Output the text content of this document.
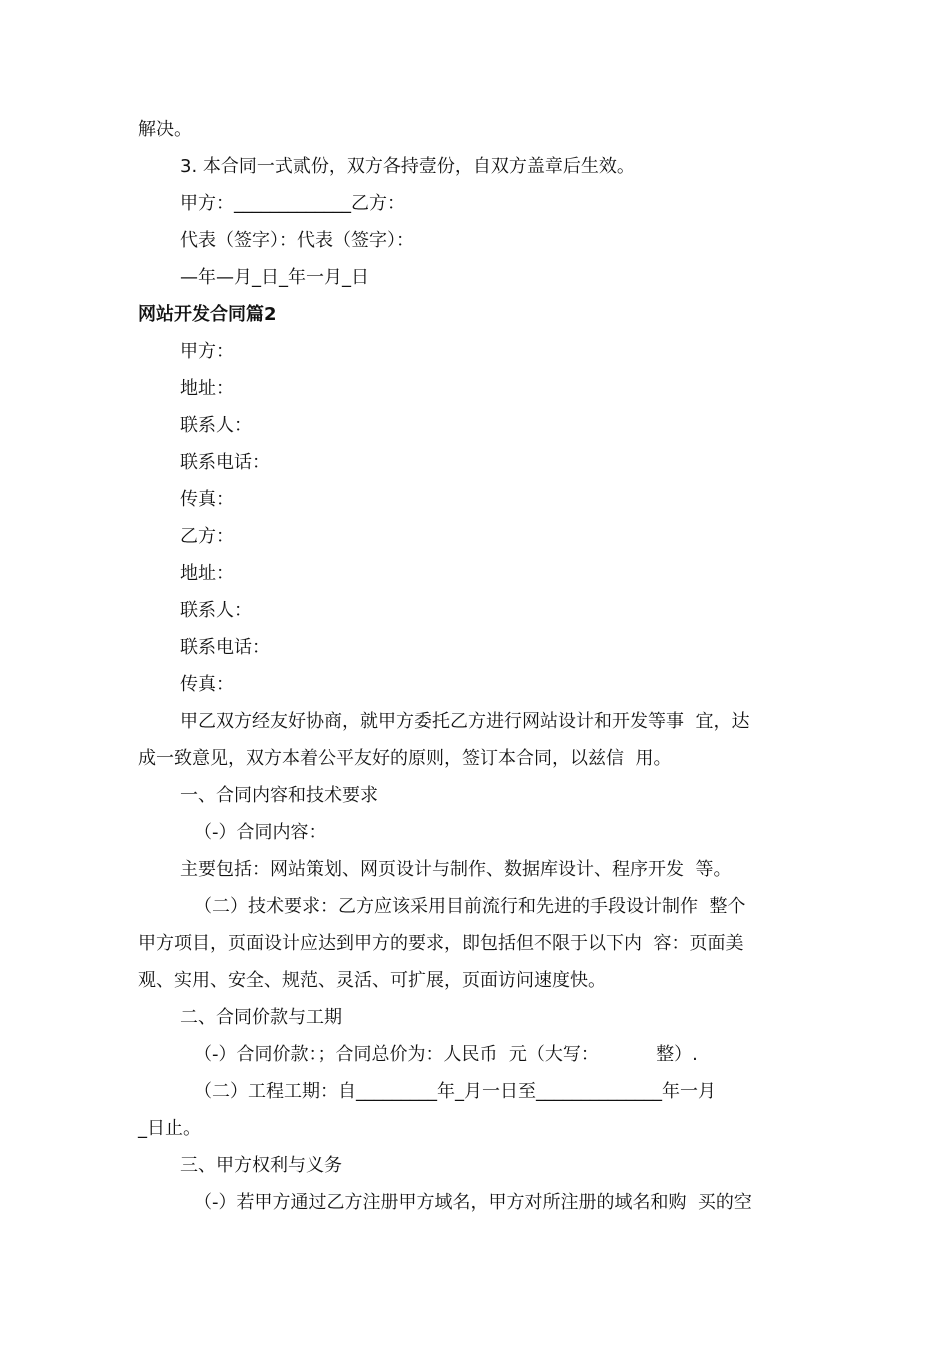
解决。
3. 本合同一式贰份，双方各持壹份，自双方盖章后生效。
甲方：_____________乙方：
代表（签字）：代表（签字）：
—年—月_日_年一月_日
网站开发合同篇2
甲方：
地址：
联系人：
联系电话：
传真：
乙方：
地址：
联系人：
联系电话：
传真：
甲乙双方经友好协商，就甲方委托乙方进行网站设计和开发等事  宜，达
成一致意见，双方本着公平友好的原则，签订本合同，以兹信  用。
一、合同内容和技术要求
（-）合同内容：
主要包括：网站策划、网页设计与制作、数据库设计、程序开发  等。
（二）技术要求：乙方应该采用目前流行和先进的手段设计制作  整个
甲方项目，页面设计应达到甲方的要求，即包括但不限于以下内  容：页面美
观、实用、安全、规范、灵活、可扩展，页面访问速度快。
二、合同价款与工期
（-）合同价款：；合同总价为：人民币  元（大写：          整）.
（二）工程工期：自_________年_月一日至______________年一月
_日止。
三、甲方权利与义务
（-）若甲方通过乙方注册甲方域名，甲方对所注册的域名和购  买的空
